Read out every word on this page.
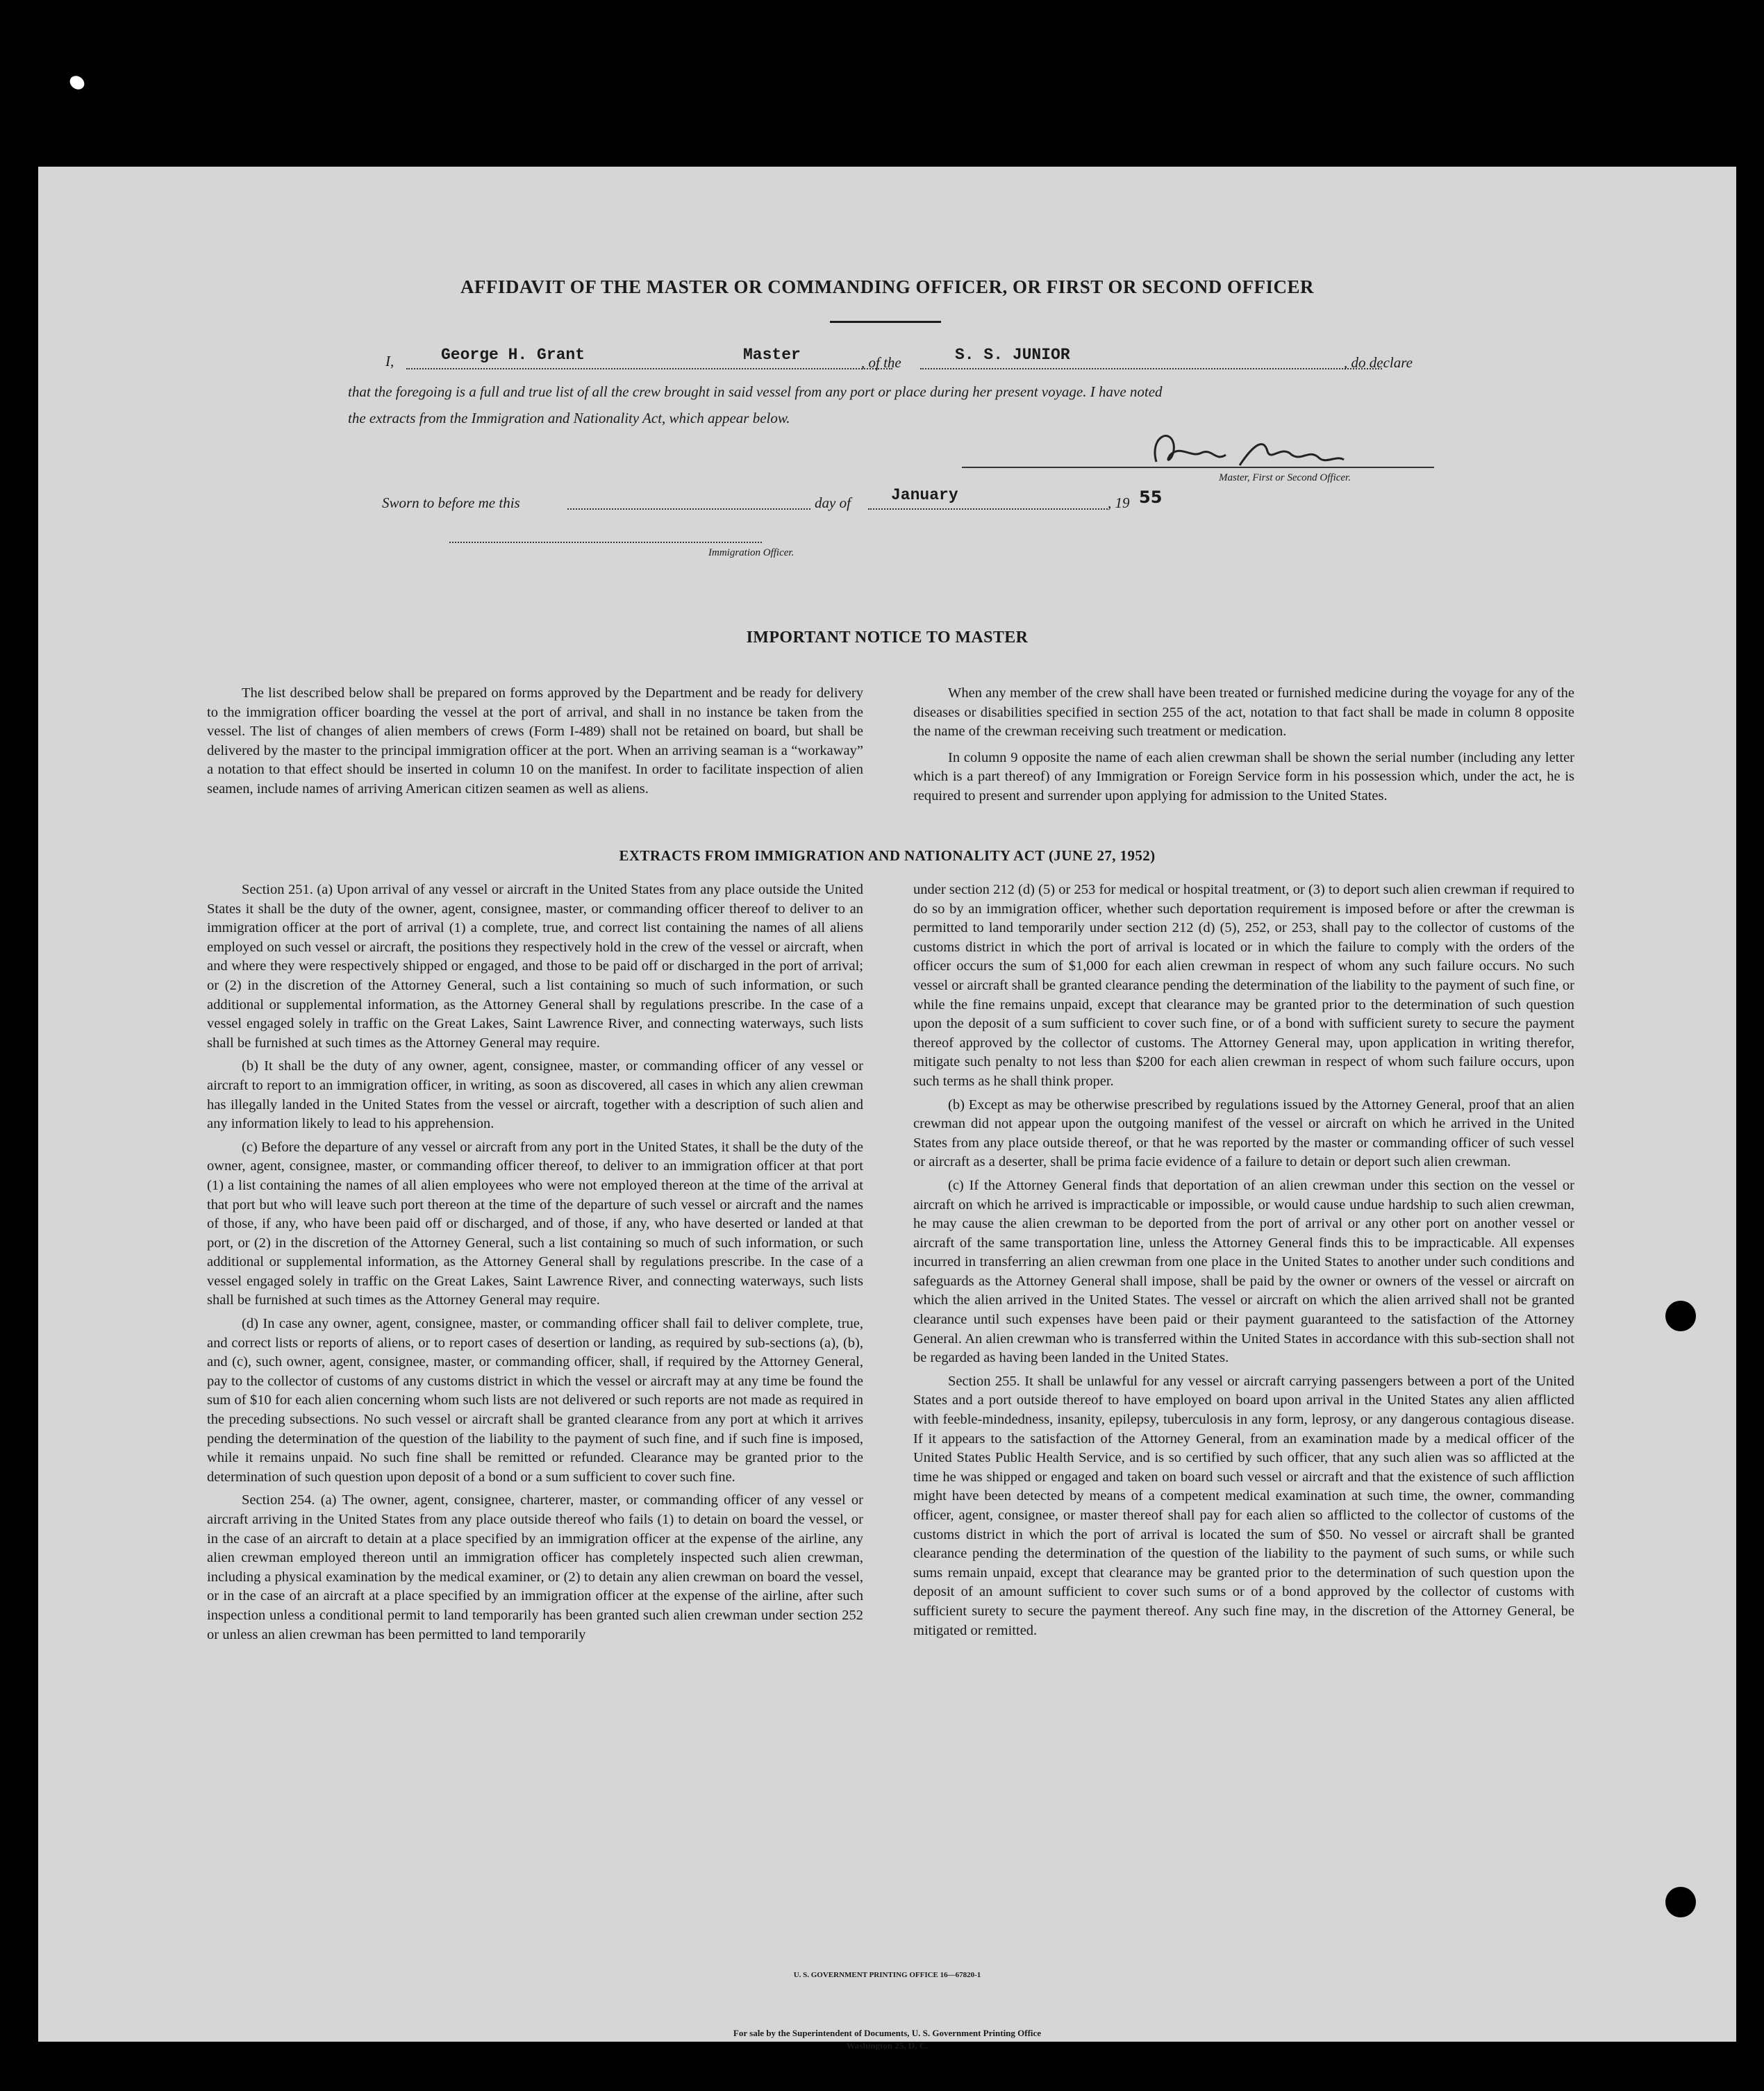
AFFIDAVIT OF THE MASTER OR COMMANDING OFFICER, OR FIRST OR SECOND OFFICER
I,	George H. Grant	Master	, of the	S. S. JUNIOR	, do declare
that the foregoing is a full and true list of all the crew brought in said vessel from any port or place during her present voyage. I have noted
the extracts from the Immigration and Nationality Act, which appear below.
Master, First or Second Officer.
Sworn to before me this	day of	January	, 19 55
Immigration Officer.
IMPORTANT NOTICE TO MASTER

The list described below shall be prepared on forms approved by the Department and be ready for delivery to the immigration officer boarding the vessel at the port of arrival, and shall in no instance be taken from the vessel. The list of changes of alien members of crews (Form I-489) shall not be retained on board, but shall be delivered by the master to the principal immigration officer at the port. When an arriving seaman is a “workaway” a notation to that effect should be inserted in column 10 on the manifest. In order to facilitate inspection of alien seamen, include names of arriving American citizen seamen as well as aliens.

When any member of the crew shall have been treated or furnished medicine during the voyage for any of the diseases or disabilities specified in section 255 of the act, notation to that fact shall be made in column 8 opposite the name of the crewman receiving such treatment or medication.

In column 9 opposite the name of each alien crewman shall be shown the serial number (including any letter which is a part thereof) of any Immigration or Foreign Service form in his possession which, under the act, he is required to present and surrender upon applying for admission to the United States.

EXTRACTS FROM IMMIGRATION AND NATIONALITY ACT (JUNE 27, 1952)

Section 251. (a) Upon arrival of any vessel or aircraft in the United States from any place outside the United States it shall be the duty of the owner, agent, consignee, master, or commanding officer thereof to deliver to an immigration officer at the port of arrival (1) a complete, true, and correct list containing the names of all aliens employed on such vessel or aircraft, the positions they respectively hold in the crew of the vessel or aircraft, when and where they were respectively shipped or engaged, and those to be paid off or discharged in the port of arrival; or (2) in the discretion of the Attorney General, such a list containing so much of such information, or such additional or supplemental information, as the Attorney General shall by regulations prescribe. In the case of a vessel engaged solely in traffic on the Great Lakes, Saint Lawrence River, and connecting waterways, such lists shall be furnished at such times as the Attorney General may require.

(b) It shall be the duty of any owner, agent, consignee, master, or commanding officer of any vessel or aircraft to report to an immigration officer, in writing, as soon as discovered, all cases in which any alien crewman has illegally landed in the United States from the vessel or aircraft, together with a description of such alien and any information likely to lead to his apprehension.

(c) Before the departure of any vessel or aircraft from any port in the United States, it shall be the duty of the owner, agent, consignee, master, or commanding officer thereof, to deliver to an immigration officer at that port (1) a list containing the names of all alien employees who were not employed thereon at the time of the arrival at that port but who will leave such port thereon at the time of the departure of such vessel or aircraft and the names of those, if any, who have been paid off or discharged, and of those, if any, who have deserted or landed at that port, or (2) in the discretion of the Attorney General, such a list containing so much of such information, or such additional or supplemental information, as the Attorney General shall by regulations prescribe. In the case of a vessel engaged solely in traffic on the Great Lakes, Saint Lawrence River, and connecting waterways, such lists shall be furnished at such times as the Attorney General may require.

(d) In case any owner, agent, consignee, master, or commanding officer shall fail to deliver complete, true, and correct lists or reports of aliens, or to report cases of desertion or landing, as required by sub-sections (a), (b), and (c), such owner, agent, consignee, master, or commanding officer, shall, if required by the Attorney General, pay to the collector of customs of any customs district in which the vessel or aircraft may at any time be found the sum of $10 for each alien concerning whom such lists are not delivered or such reports are not made as required in the preceding subsections. No such vessel or aircraft shall be granted clearance from any port at which it arrives pending the determination of the question of the liability to the payment of such fine, and if such fine is imposed, while it remains unpaid. No such fine shall be remitted or refunded. Clearance may be granted prior to the determination of such question upon deposit of a bond or a sum sufficient to cover such fine.

Section 254. (a) The owner, agent, consignee, charterer, master, or commanding officer of any vessel or aircraft arriving in the United States from any place outside thereof who fails (1) to detain on board the vessel, or in the case of an aircraft to detain at a place specified by an immigration officer at the expense of the airline, any alien crewman employed thereon until an immigration officer has completely inspected such alien crewman, including a physical examination by the medical examiner, or (2) to detain any alien crewman on board the vessel, or in the case of an aircraft at a place specified by an immigration officer at the expense of the airline, after such inspection unless a conditional permit to land temporarily has been granted such alien crewman under section 252 or unless an alien crewman has been permitted to land temporarily

under section 212 (d) (5) or 253 for medical or hospital treatment, or (3) to deport such alien crewman if required to do so by an immigration officer, whether such deportation requirement is imposed before or after the crewman is permitted to land temporarily under section 212 (d) (5), 252, or 253, shall pay to the collector of customs of the customs district in which the port of arrival is located or in which the failure to comply with the orders of the officer occurs the sum of $1,000 for each alien crewman in respect of whom any such failure occurs. No such vessel or aircraft shall be granted clearance pending the determination of the liability to the payment of such fine, or while the fine remains unpaid, except that clearance may be granted prior to the determination of such question upon the deposit of a sum sufficient to cover such fine, or of a bond with sufficient surety to secure the payment thereof approved by the collector of customs. The Attorney General may, upon application in writing therefor, mitigate such penalty to not less than $200 for each alien crewman in respect of whom such failure occurs, upon such terms as he shall think proper.

(b) Except as may be otherwise prescribed by regulations issued by the Attorney General, proof that an alien crewman did not appear upon the outgoing manifest of the vessel or aircraft on which he arrived in the United States from any place outside thereof, or that he was reported by the master or commanding officer of such vessel or aircraft as a deserter, shall be prima facie evidence of a failure to detain or deport such alien crewman.

(c) If the Attorney General finds that deportation of an alien crewman under this section on the vessel or aircraft on which he arrived is impracticable or impossible, or would cause undue hardship to such alien crewman, he may cause the alien crewman to be deported from the port of arrival or any other port on another vessel or aircraft of the same transportation line, unless the Attorney General finds this to be impracticable. All expenses incurred in transferring an alien crewman from one place in the United States to another under such conditions and safeguards as the Attorney General shall impose, shall be paid by the owner or owners of the vessel or aircraft on which the alien arrived in the United States. The vessel or aircraft on which the alien arrived shall not be granted clearance until such expenses have been paid or their payment guaranteed to the satisfaction of the Attorney General. An alien crewman who is transferred within the United States in accordance with this sub-section shall not be regarded as having been landed in the United States.

Section 255. It shall be unlawful for any vessel or aircraft carrying passengers between a port of the United States and a port outside thereof to have employed on board upon arrival in the United States any alien afflicted with feeble-mindedness, insanity, epilepsy, tuberculosis in any form, leprosy, or any dangerous contagious disease. If it appears to the satisfaction of the Attorney General, from an examination made by a medical officer of the United States Public Health Service, and is so certified by such officer, that any such alien was so afflicted at the time he was shipped or engaged and taken on board such vessel or aircraft and that the existence of such affliction might have been detected by means of a competent medical examination at such time, the owner, commanding officer, agent, consignee, or master thereof shall pay for each alien so afflicted to the collector of customs of the customs district in which the port of arrival is located the sum of $50. No vessel or aircraft shall be granted clearance pending the determination of the question of the liability to the payment of such sums, or while such sums remain unpaid, except that clearance may be granted prior to the determination of such question upon the deposit of an amount sufficient to cover such sums or of a bond approved by the collector of customs with sufficient surety to secure the payment thereof. Any such fine may, in the discretion of the Attorney General, be mitigated or remitted.

U. S. GOVERNMENT PRINTING OFFICE 16—67820-1
For sale by the Superintendent of Documents, U. S. Government Printing Office
Washington 25, D. C.
